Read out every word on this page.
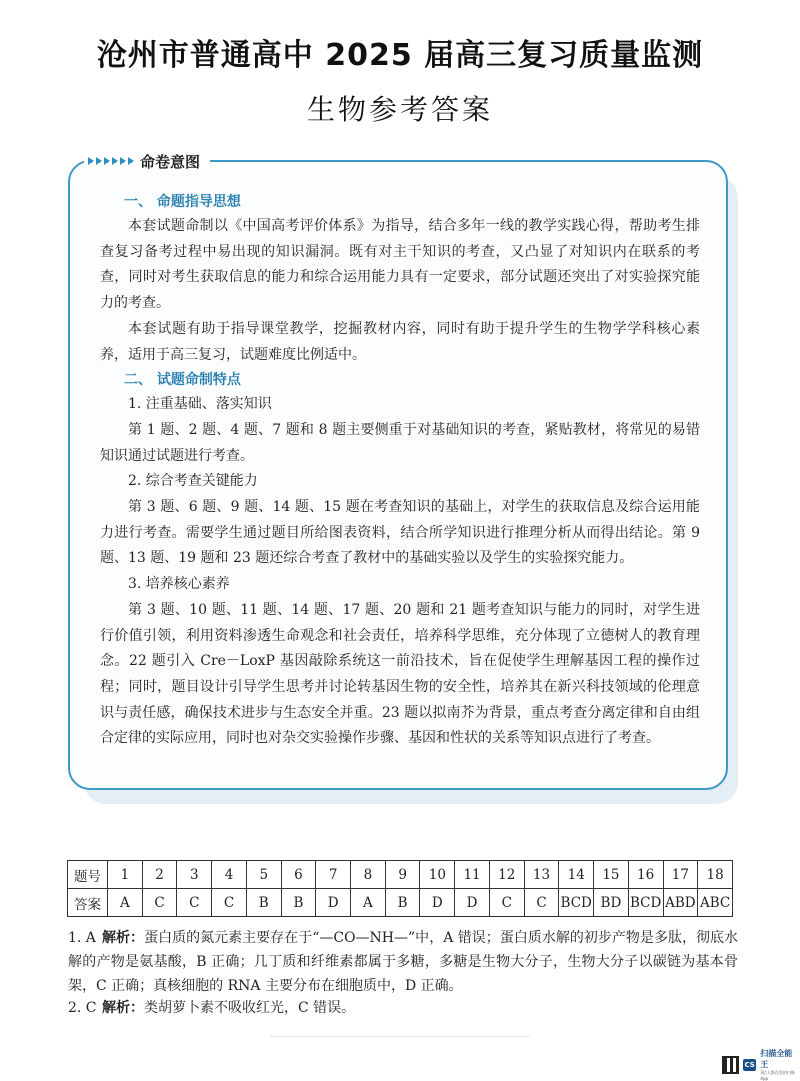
沧州市普通高中 2025 届高三复习质量监测
生物参考答案
命卷意图
一、 命题指导思想

本套试题命制以《中国高考评价体系》为指导，结合多年一线的教学实践心得，帮助考生排查复习备考过程中易出现的知识漏洞。既有对主干知识的考查，又凸显了对知识内在联系的考查，同时对考生获取信息的能力和综合运用能力具有一定要求，部分试题还突出了对实验探究能力的考查。

本套试题有助于指导课堂教学，挖掘教材内容，同时有助于提升学生的生物学学科核心素养，适用于高三复习，试题难度比例适中。

二、 试题命制特点
1. 注重基础、落实知识

第 1 题、2 题、4 题、7 题和 8 题主要侧重于对基础知识的考查，紧贴教材，将常见的易错知识通过试题进行考查。

2. 综合考查关键能力

第 3 题、6 题、9 题、14 题、15 题在考查知识的基础上，对学生的获取信息及综合运用能力进行考查。需要学生通过题目所给图表资料，结合所学知识进行推理分析从而得出结论。第 9 题、13 题、19 题和 23 题还综合考查了教材中的基础实验以及学生的实验探究能力。

3. 培养核心素养

第 3 题、10 题、11 题、14 题、17 题、20 题和 21 题考查知识与能力的同时，对学生进行价值引领，利用资料渗透生命观念和社会责任，培养科学思维，充分体现了立德树人的教育理念。22 题引入 Cre－LoxP 基因敲除系统这一前沿技术，旨在促使学生理解基因工程的操作过程；同时，题目设计引导学生思考并讨论转基因生物的安全性，培养其在新兴科技领域的伦理意识与责任感，确保技术进步与生态安全并重。23 题以拟南芥为背景，重点考查分离定律和自由组合定律的实际应用，同时也对杂交实验操作步骤、基因和性状的关系等知识点进行了考查。

题号	1	2	3	4	5	6	7	8	9	10	11	12	13	14	15	16	17	18
答案	A	C	C	C	B	B	D	A	B	D	D	C	C	BCD	BD	BCD	ABD	ABC
1. A 解析：蛋白质的氮元素主要存在于“—CO—NH—”中，A 错误；蛋白质水解的初步产物是多肽，彻底水解的产物是氨基酸，B 正确；几丁质和纤维素都属于多糖，多糖是生物大分子，生物大分子以碳链为基本骨架，C 正确；真核细胞的 RNA 主要分布在细胞质中，D 正确。
2. C 解析：类胡萝卜素不吸收红光，C 错误。
CS
扫描全能王
3亿人都在用的扫描App
